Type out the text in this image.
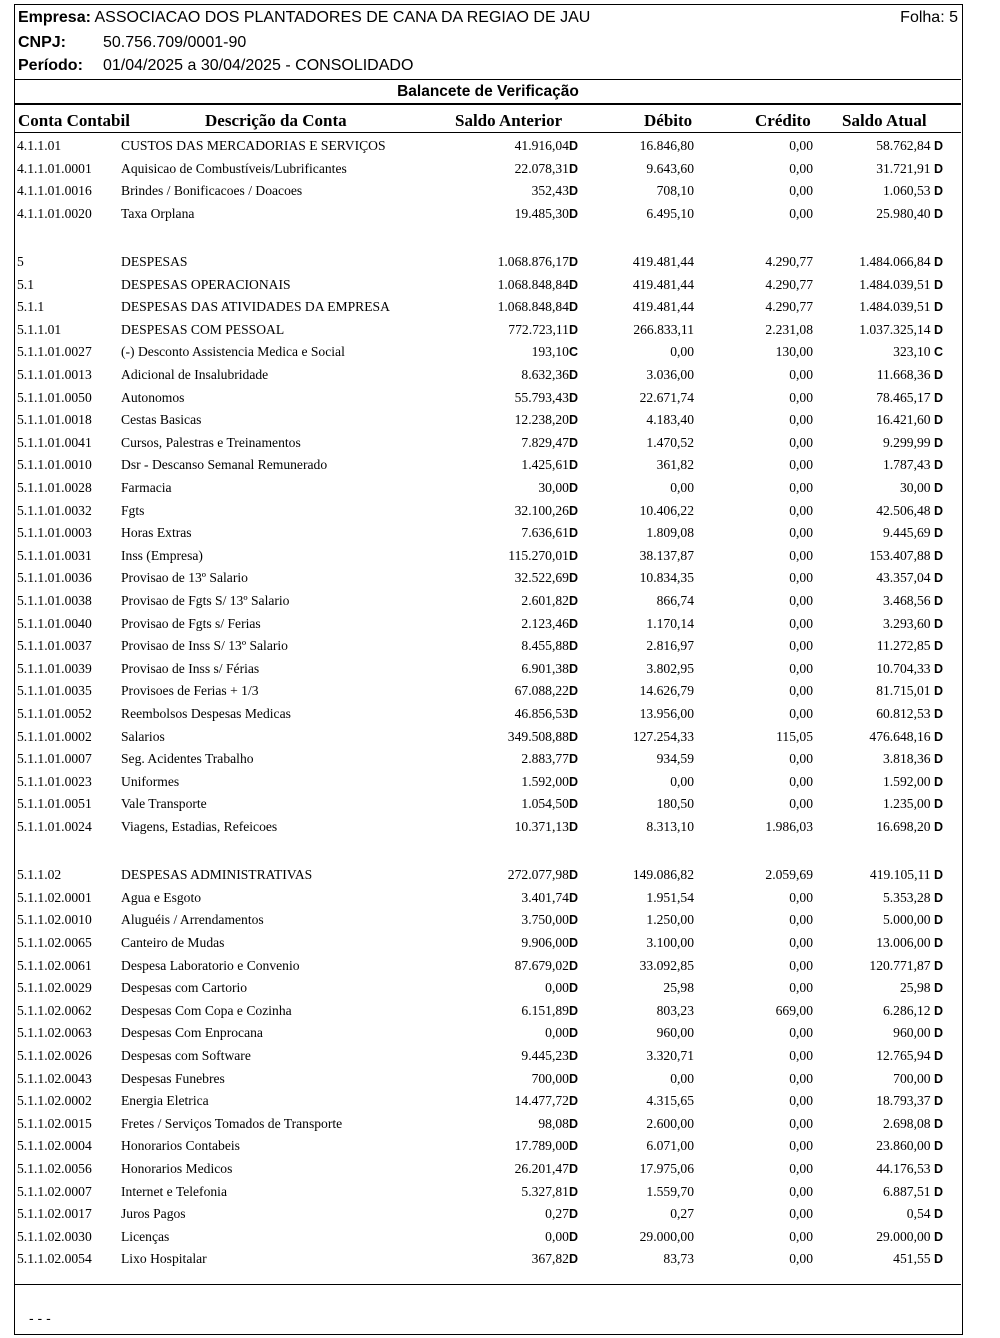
Empresa: ASSOCIACAO DOS PLANTADORES DE CANA DA REGIAO DE JAU	Folha: 5
CNPJ: 50.756.709/0001-90
Período: 01/04/2025 a 30/04/2025 - CONSOLIDADO
Balancete de Verificação
Conta Contabil	Descrição da Conta	Saldo Anterior	Débito	Crédito Saldo Atual
4.1.1.01	CUSTOS DAS MERCADORIAS E SERVIÇOS	41.916,04D	16.846,80	0,00	58.762,84 D
4.1.1.01.0001 Aquisicao de Combustíveis/Lubrificantes	22.078,31D	9.643,60	0,00	31.721,91 D
4.1.1.01.0016 Brindes / Bonificacoes / Doacoes	352,43D	708,10	0,00	1.060,53 D
4.1.1.01.0020 Taxa Orplana	19.485,30D	6.495,10	0,00	25.980,40 D
5	DESPESAS	1.068.876,17D	419.481,44	4.290,77	1.484.066,84 D
5.1	DESPESAS OPERACIONAIS	1.068.848,84D	419.481,44	4.290,77	1.484.039,51 D
5.1.1	DESPESAS DAS ATIVIDADES DA EMPRESA	1.068.848,84D	419.481,44	4.290,77	1.484.039,51 D
5.1.1.01	DESPESAS COM PESSOAL	772.723,11D	266.833,11	2.231,08	1.037.325,14 D
5.1.1.01.0027 (-) Desconto Assistencia Medica e Social	193,10C	0,00	130,00	323,10 C
5.1.1.01.0013 Adicional de Insalubridade	8.632,36D	3.036,00	0,00	11.668,36 D
5.1.1.01.0050 Autonomos	55.793,43D	22.671,74	0,00	78.465,17 D
5.1.1.01.0018 Cestas Basicas	12.238,20D	4.183,40	0,00	16.421,60 D
5.1.1.01.0041 Cursos, Palestras e Treinamentos	7.829,47D	1.470,52	0,00	9.299,99 D
5.1.1.01.0010 Dsr - Descanso Semanal Remunerado	1.425,61D	361,82	0,00	1.787,43 D
5.1.1.01.0028 Farmacia	30,00D	0,00	0,00	30,00 D
5.1.1.01.0032 Fgts	32.100,26D	10.406,22	0,00	42.506,48 D
5.1.1.01.0003 Horas Extras	7.636,61D	1.809,08	0,00	9.445,69 D
5.1.1.01.0031 Inss (Empresa)	115.270,01D	38.137,87	0,00	153.407,88 D
5.1.1.01.0036 Provisao de 13º Salario	32.522,69D	10.834,35	0,00	43.357,04 D
5.1.1.01.0038 Provisao de Fgts S/ 13º Salario	2.601,82D	866,74	0,00	3.468,56 D
5.1.1.01.0040 Provisao de Fgts s/ Ferias	2.123,46D	1.170,14	0,00	3.293,60 D
5.1.1.01.0037 Provisao de Inss S/ 13º Salario	8.455,88D	2.816,97	0,00	11.272,85 D
5.1.1.01.0039 Provisao de Inss s/ Férias	6.901,38D	3.802,95	0,00	10.704,33 D
5.1.1.01.0035 Provisoes de Ferias + 1/3	67.088,22D	14.626,79	0,00	81.715,01 D
5.1.1.01.0052 Reembolsos Despesas Medicas	46.856,53D	13.956,00	0,00	60.812,53 D
5.1.1.01.0002 Salarios	349.508,88D	127.254,33	115,05	476.648,16 D
5.1.1.01.0007 Seg. Acidentes Trabalho	2.883,77D	934,59	0,00	3.818,36 D
5.1.1.01.0023 Uniformes	1.592,00D	0,00	0,00	1.592,00 D
5.1.1.01.0051 Vale Transporte	1.054,50D	180,50	0,00	1.235,00 D
5.1.1.01.0024 Viagens, Estadias, Refeicoes	10.371,13D	8.313,10	1.986,03	16.698,20 D
5.1.1.02	DESPESAS ADMINISTRATIVAS	272.077,98D	149.086,82	2.059,69	419.105,11 D
5.1.1.02.0001 Agua e Esgoto	3.401,74D	1.951,54	0,00	5.353,28 D
5.1.1.02.0010 Aluguéis / Arrendamentos	3.750,00D	1.250,00	0,00	5.000,00 D
5.1.1.02.0065 Canteiro de Mudas	9.906,00D	3.100,00	0,00	13.006,00 D
5.1.1.02.0061 Despesa Laboratorio e Convenio	87.679,02D	33.092,85	0,00	120.771,87 D
5.1.1.02.0029 Despesas com Cartorio	0,00D	25,98	0,00	25,98 D
5.1.1.02.0062 Despesas Com Copa e Cozinha	6.151,89D	803,23	669,00	6.286,12 D
5.1.1.02.0063 Despesas Com Enprocana	0,00D	960,00	0,00	960,00 D
5.1.1.02.0026 Despesas com Software	9.445,23D	3.320,71	0,00	12.765,94 D
5.1.1.02.0043 Despesas Funebres	700,00D	0,00	0,00	700,00 D
5.1.1.02.0002 Energia Eletrica	14.477,72D	4.315,65	0,00	18.793,37 D
5.1.1.02.0015 Fretes / Serviços Tomados de Transporte	98,08D	2.600,00	0,00	2.698,08 D
5.1.1.02.0004 Honorarios Contabeis	17.789,00D	6.071,00	0,00	23.860,00 D
5.1.1.02.0056 Honorarios Medicos	26.201,47D	17.975,06	0,00	44.176,53 D
5.1.1.02.0007 Internet e Telefonia	5.327,81D	1.559,70	0,00	6.887,51 D
5.1.1.02.0017 Juros Pagos	0,27D	0,27	0,00	0,54 D
5.1.1.02.0030 Licenças	0,00D	29.000,00	0,00	29.000,00 D
5.1.1.02.0054 Lixo Hospitalar	367,82D	83,73	0,00	451,55 D
- - -
